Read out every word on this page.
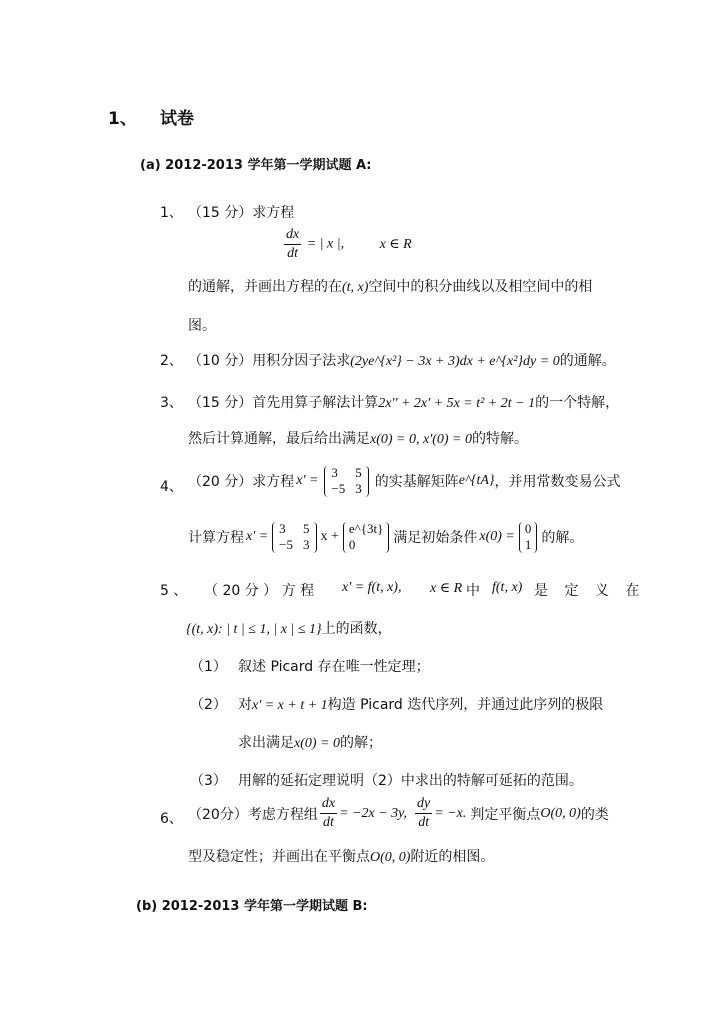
1、 试卷
(a) 2012-2013 学年第一学期试题 A:
1、 （15 分）求方程
$\frac{dx}{dt}$ = | x |,	x ∈ R
的通解，并画出方程的在(t, x)空间中的积分曲线以及相空间中的相
图。
2、 （10 分）用积分因子法求(2ye^{x²} − 3x + 3)dx + e^{x²}dy = 0的通解。
3、 （15 分）首先用算子解法计算2x'' + 2x' + 5x = t² + 2t − 1的一个特解，
然后计算通解，最后给出满足x(0) = 0, x'(0) = 0的特解。
4、 （20 分）求方程 x' =
3	5
−5 3 的实基解矩阵 e^{tA} ，并用常数变易公式
计算方程 x' =
3	5
−5 3
x +
e^{3t}
0	满足初始条件 x(0) =
0
1 的解。
5 、 （ 20 分 ） 方 程 x' = f(t, x), x ∈ R 中 f(t, x) 是 定 义 在
{(t, x): | t | ≤ 1, | x | ≤ 1}上的函数，
（1） 叙述 Picard 存在唯一性定理；
（2） 对x' = x + t + 1构造 Picard 迭代序列，并通过此序列的极限
求出满足x(0) = 0的解；
（3） 用解的延拓定理说明（2）中求出的特解可延拓的范围。
6、 （20分）考虑方程组 $\frac{dx}{dt} = -2x - 3y$, $\frac{dy}{dt} = -x$. 判定平衡点 O(0, 0) 的类
型及稳定性；并画出在平衡点O(0, 0)附近的相图。
(b) 2012-2013 学年第一学期试题 B:
